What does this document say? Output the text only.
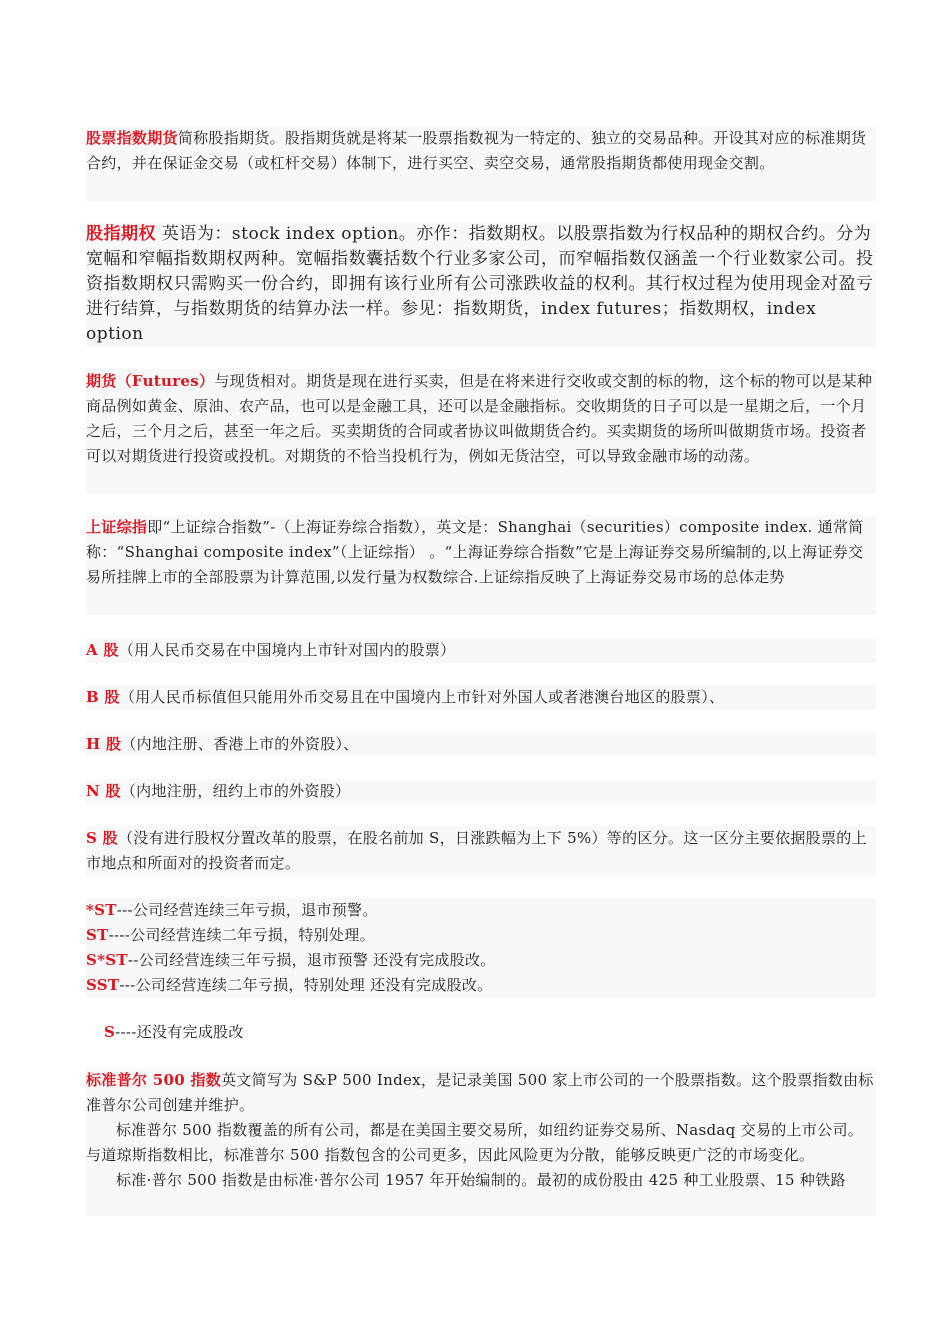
股票指数期货简称股指期货。股指期货就是将某一股票指数视为一特定的、独立的交易品种。开设其对应的标准期货合约，并在保证金交易（或杠杆交易）体制下，进行买空、卖空交易，通常股指期货都使用现金交割。

股指期权 英语为：stock index option。亦作：指数期权。以股票指数为行权品种的期权合约。分为宽幅和窄幅指数期权两种。宽幅指数囊括数个行业多家公司，而窄幅指数仅涵盖一个行业数家公司。投资指数期权只需购买一份合约，即拥有该行业所有公司涨跌收益的权利。其行权过程为使用现金对盈亏进行结算，与指数期货的结算办法一样。参见：指数期货，index futures；指数期权，index option

期货（Futures）与现货相对。期货是现在进行买卖，但是在将来进行交收或交割的标的物，这个标的物可以是某种商品例如黄金、原油、农产品，也可以是金融工具，还可以是金融指标。交收期货的日子可以是一星期之后，一个月之后，三个月之后，甚至一年之后。买卖期货的合同或者协议叫做期货合约。买卖期货的场所叫做期货市场。投资者可以对期货进行投资或投机。对期货的不恰当投机行为，例如无货沽空，可以导致金融市场的动荡。

上证综指即“上证综合指数”-（上海证券综合指数），英文是：Shanghai（securities）composite index. 通常简称：“Shanghai composite index”（上证综指） 。“上海证券综合指数”它是上海证券交易所编制的,以上海证券交易所挂牌上市的全部股票为计算范围,以发行量为权数综合.上证综指反映了上海证券交易市场的总体走势

A 股（用人民币交易在中国境内上市针对国内的股票）

B 股（用人民币标值但只能用外币交易且在中国境内上市针对外国人或者港澳台地区的股票）、

H 股（内地注册、香港上市的外资股）、

N 股（内地注册，纽约上市的外资股）

S 股（没有进行股权分置改革的股票，在股名前加 S，日涨跌幅为上下 5%）等的区分。这一区分主要依据股票的上市地点和所面对的投资者而定。

*ST---公司经营连续三年亏损，退市预警。

ST----公司经营连续二年亏损，特别处理。

S*ST--公司经营连续三年亏损，退市预警 还没有完成股改。

SST---公司经营连续二年亏损，特别处理 还没有完成股改。

S----还没有完成股改

标准普尔 500 指数英文简写为 S&P 500 Index，是记录美国 500 家上市公司的一个股票指数。这个股票指数由标准普尔公司创建并维护。

标准普尔 500 指数覆盖的所有公司，都是在美国主要交易所，如纽约证券交易所、Nasdaq 交易的上市公司。与道琼斯指数相比，标准普尔 500 指数包含的公司更多，因此风险更为分散，能够反映更广泛的市场变化。

标准·普尔 500 指数是由标准·普尔公司 1957 年开始编制的。最初的成份股由 425 种工业股票、15 种铁路
